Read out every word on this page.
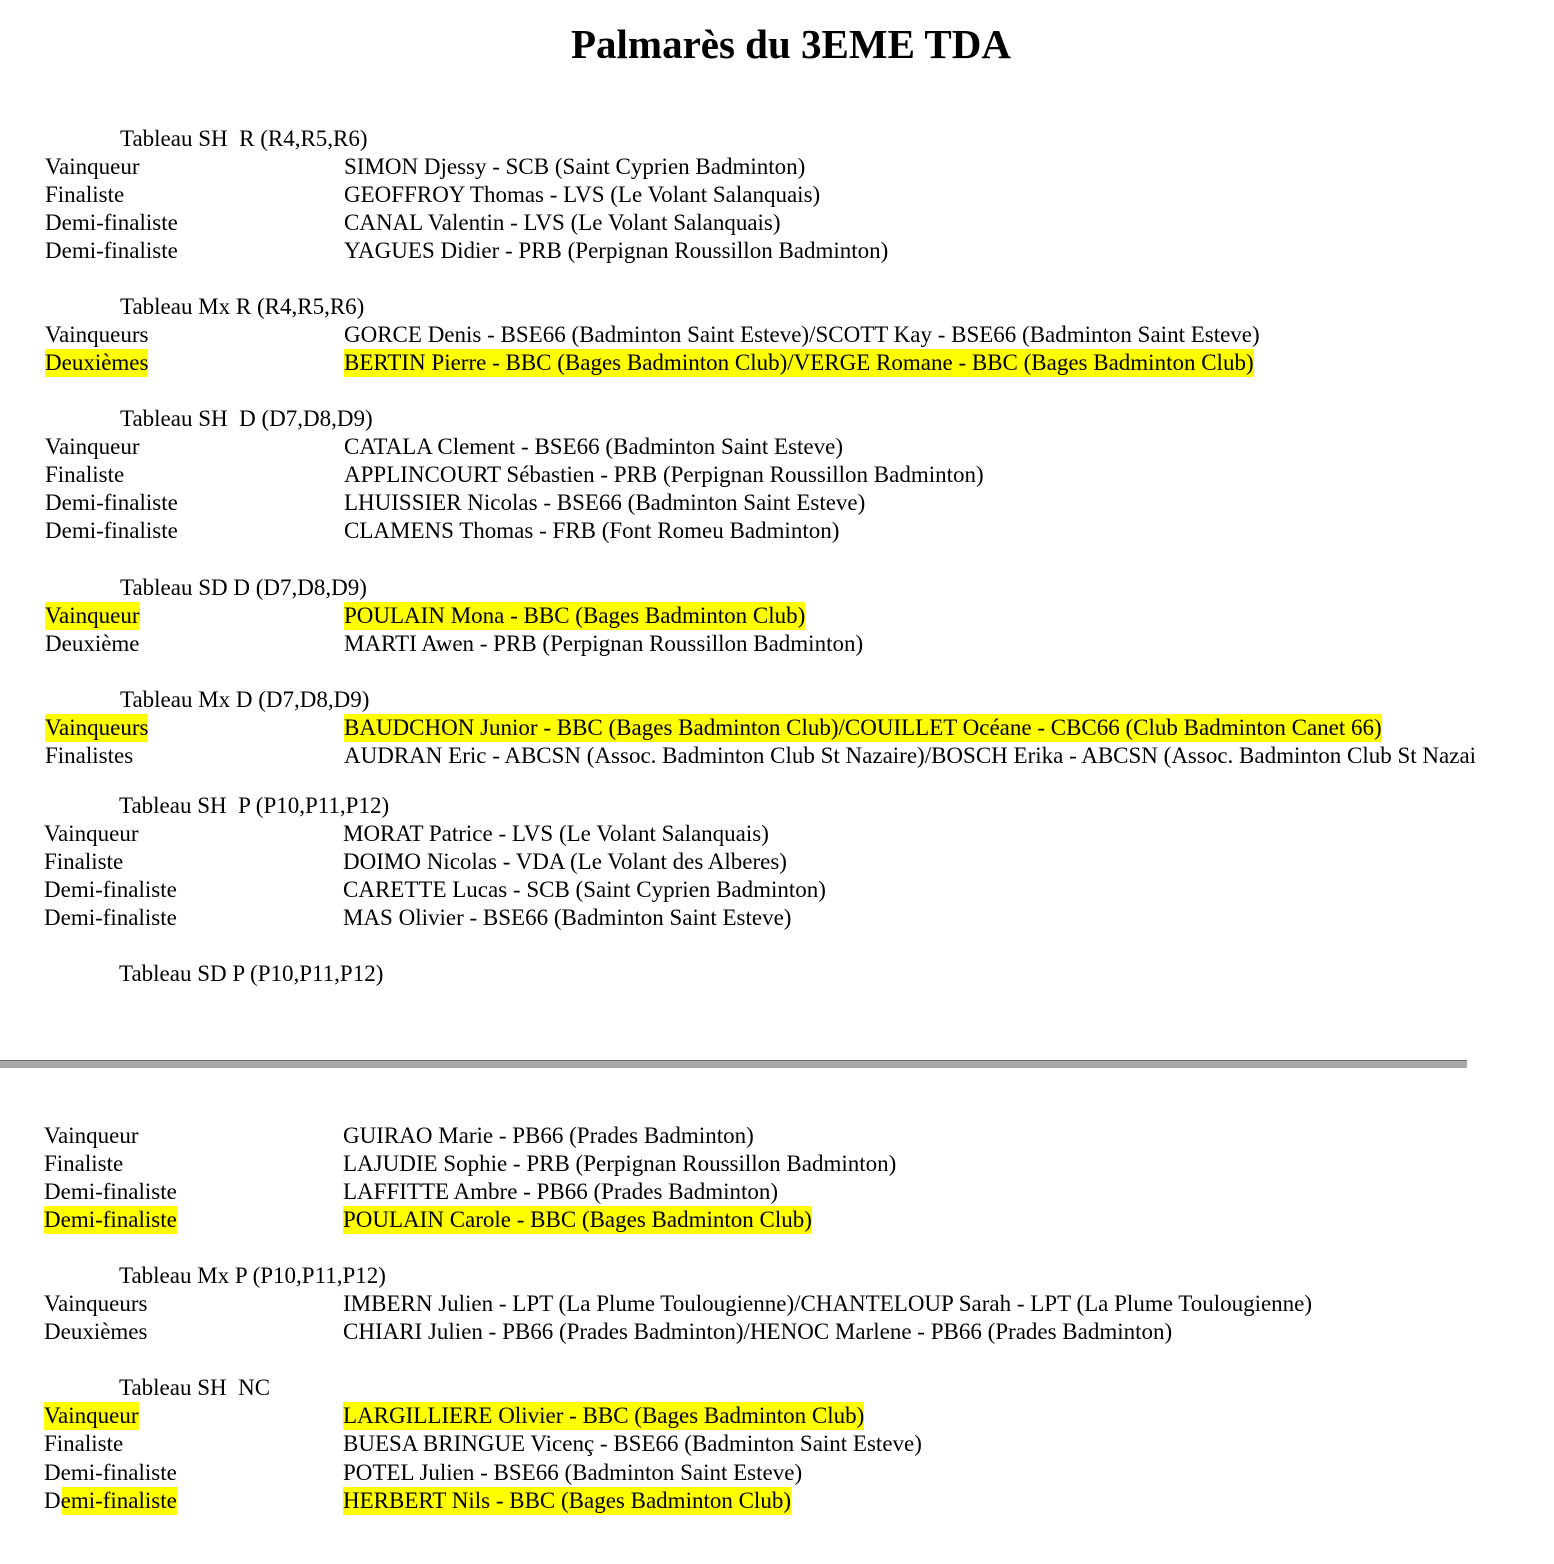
Palmarès du 3EME TDA
Tableau SH  R (R4,R5,R6)
Vainqueur	SIMON Djessy - SCB (Saint Cyprien Badminton)
Finaliste	GEOFFROY Thomas - LVS (Le Volant Salanquais)
Demi-finaliste	CANAL Valentin - LVS (Le Volant Salanquais)
Demi-finaliste	YAGUES Didier - PRB (Perpignan Roussillon Badminton)
Tableau Mx R (R4,R5,R6)
Vainqueurs	GORCE Denis - BSE66 (Badminton Saint Esteve)/SCOTT Kay - BSE66 (Badminton Saint Esteve)
Deuxièmes	BERTIN Pierre - BBC (Bages Badminton Club)/VERGE Romane - BBC (Bages Badminton Club)
Tableau SH  D (D7,D8,D9)
Vainqueur	CATALA Clement - BSE66 (Badminton Saint Esteve)
Finaliste	APPLINCOURT Sébastien - PRB (Perpignan Roussillon Badminton)
Demi-finaliste	LHUISSIER Nicolas - BSE66 (Badminton Saint Esteve)
Demi-finaliste	CLAMENS Thomas - FRB (Font Romeu Badminton)
Tableau SD D (D7,D8,D9)
Vainqueur	POULAIN Mona - BBC (Bages Badminton Club)
Deuxième	MARTI Awen - PRB (Perpignan Roussillon Badminton)
Tableau Mx D (D7,D8,D9)
Vainqueurs	BAUDCHON Junior - BBC (Bages Badminton Club)/COUILLET Océane - CBC66 (Club Badminton Canet 66)
Finalistes	AUDRAN Eric - ABCSN (Assoc. Badminton Club St Nazaire)/BOSCH Erika - ABCSN (Assoc. Badminton Club St Nazai
Tableau SH  P (P10,P11,P12)
Vainqueur	MORAT Patrice - LVS (Le Volant Salanquais)
Finaliste	DOIMO Nicolas - VDA (Le Volant des Alberes)
Demi-finaliste	CARETTE Lucas - SCB (Saint Cyprien Badminton)
Demi-finaliste	MAS Olivier - BSE66 (Badminton Saint Esteve)
Tableau SD P (P10,P11,P12)
Vainqueur	GUIRAO Marie - PB66 (Prades Badminton)
Finaliste	LAJUDIE Sophie - PRB (Perpignan Roussillon Badminton)
Demi-finaliste	LAFFITTE Ambre - PB66 (Prades Badminton)
Demi-finaliste	POULAIN Carole - BBC (Bages Badminton Club)
Tableau Mx P (P10,P11,P12)
Vainqueurs	IMBERN Julien - LPT (La Plume Toulougienne)/CHANTELOUP Sarah - LPT (La Plume Toulougienne)
Deuxièmes	CHIARI Julien - PB66 (Prades Badminton)/HENOC Marlene - PB66 (Prades Badminton)
Tableau SH  NC
Vainqueur	LARGILLIERE Olivier - BBC (Bages Badminton Club)
Finaliste	BUESA BRINGUE Vicenç - BSE66 (Badminton Saint Esteve)
Demi-finaliste	POTEL Julien - BSE66 (Badminton Saint Esteve)
Demi-finaliste	HERBERT Nils - BBC (Bages Badminton Club)
